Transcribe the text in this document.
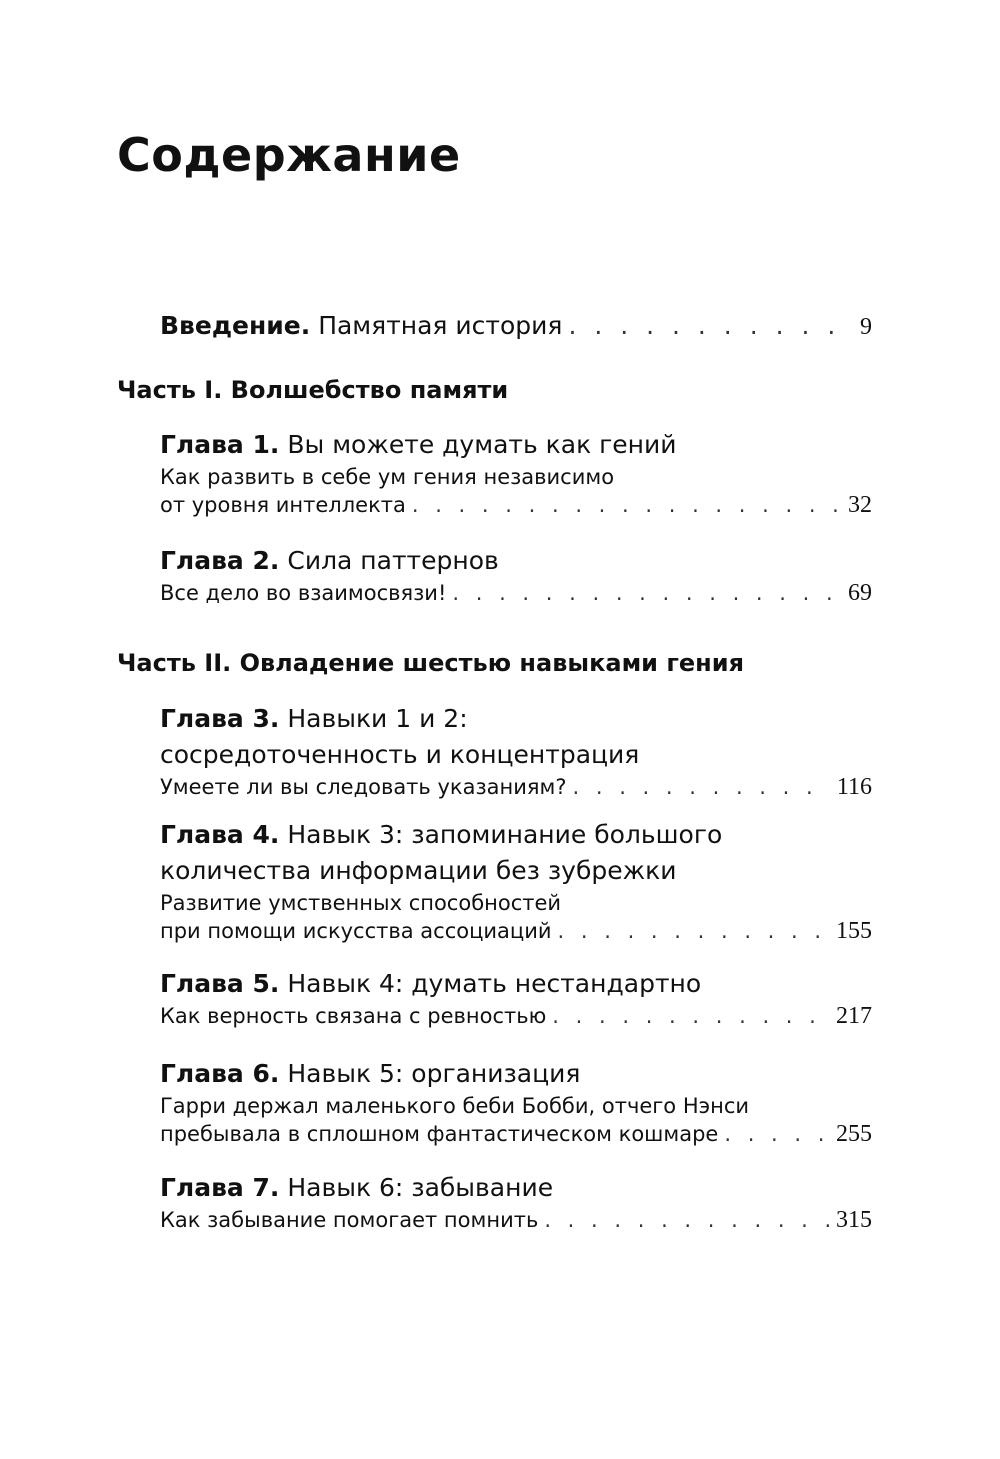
Содержание
Введение. Памятная история . . .	9
Часть I. Волшебство памяти
Глава 1. Вы можете думать как гений
Как развить в себе ум гения независимо
от уровня интеллекта . . .	32
Глава 2. Сила паттернов
Все дело во взаимосвязи! . . .	69
Часть II. Овладение шестью навыками гения
Глава 3. Навыки 1 и 2:
сосредоточенность и концентрация
Умеете ли вы следовать указаниям? . . .	116
Глава 4. Навык 3: запоминание большого
количества информации без зубрежки
Развитие умственных способностей
при помощи искусства ассоциаций . . .	155
Глава 5. Навык 4: думать нестандартно
Как верность связана с ревностью . . .	217
Глава 6. Навык 5: организация
Гарри держал маленького беби Бобби, отчего Нэнси
пребывала в сплошном фантастическом кошмаре . . .	255
Глава 7. Навык 6: забывание
Как забывание помогает помнить . . .	315
